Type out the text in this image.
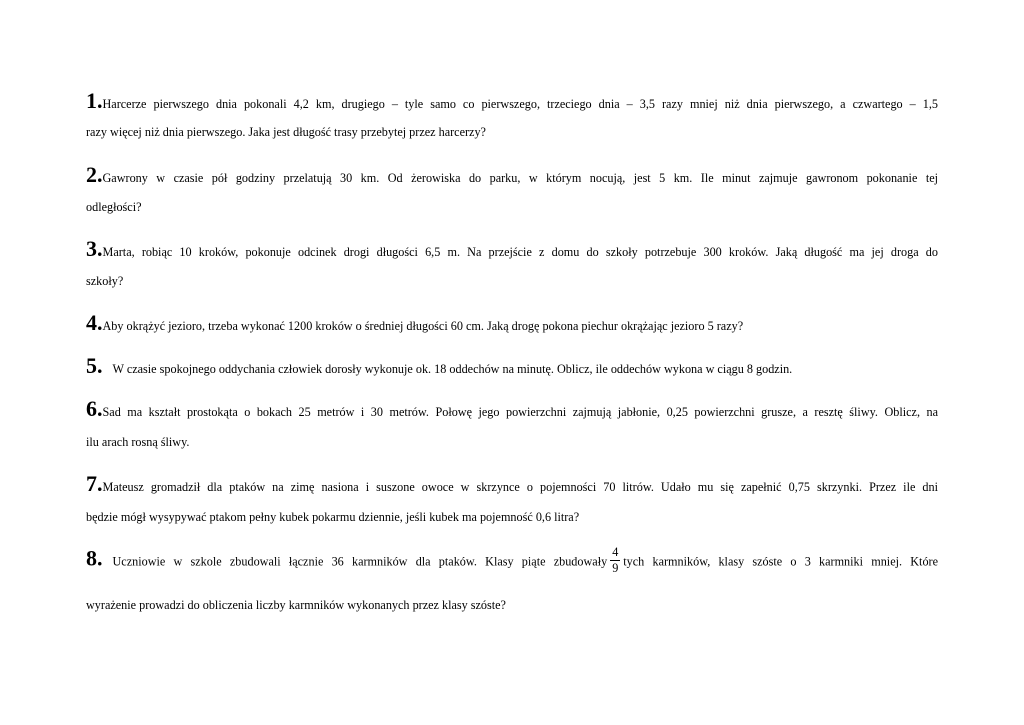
1.Harcerze pierwszego dnia pokonali 4,2 km, drugiego – tyle samo co pierwszego, trzeciego dnia – 3,5 razy mniej niż dnia pierwszego, a czwartego – 1,5
razy więcej niż dnia pierwszego. Jaka jest długość trasy przebytej przez harcerzy?
2.Gawrony w czasie pół godziny przelatują 30 km. Od żerowiska do parku, w którym nocują, jest 5 km. Ile minut zajmuje gawronom pokonanie tej
odległości?
3.Marta, robiąc 10 kroków, pokonuje odcinek drogi długości 6,5 m. Na przejście z domu do szkoły potrzebuje 300 kroków. Jaką długość ma jej droga do
szkoły?
4.Aby okrążyć jezioro, trzeba wykonać 1200 kroków o średniej długości 60 cm. Jaką drogę pokona piechur okrążając jezioro 5 razy?
5. W czasie spokojnego oddychania człowiek dorosły wykonuje ok. 18 oddechów na minutę. Oblicz, ile oddechów wykona w ciągu 8 godzin.
6.Sad ma kształt prostokąta o bokach 25 metrów i 30 metrów. Połowę jego powierzchni zajmują jabłonie, 0,25 powierzchni grusze, a resztę śliwy. Oblicz, na
ilu arach rosną śliwy.
7.Mateusz gromadził dla ptaków na zimę nasiona i suszone owoce w skrzynce o pojemności 70 litrów. Udało mu się zapełnić 0,75 skrzynki. Przez ile dni
będzie mógł wysypywać ptakom pełny kubek pokarmu dziennie, jeśli kubek ma pojemność 0,6 litra?
8. Uczniowie w szkole zbudowali łącznie 36 karmników dla ptaków. Klasy piąte zbudowały $\frac{4}{9}$ tych karmników, klasy szóste o 3 karmniki mniej. Które
wyrażenie prowadzi do obliczenia liczby karmników wykonanych przez klasy szóste?
